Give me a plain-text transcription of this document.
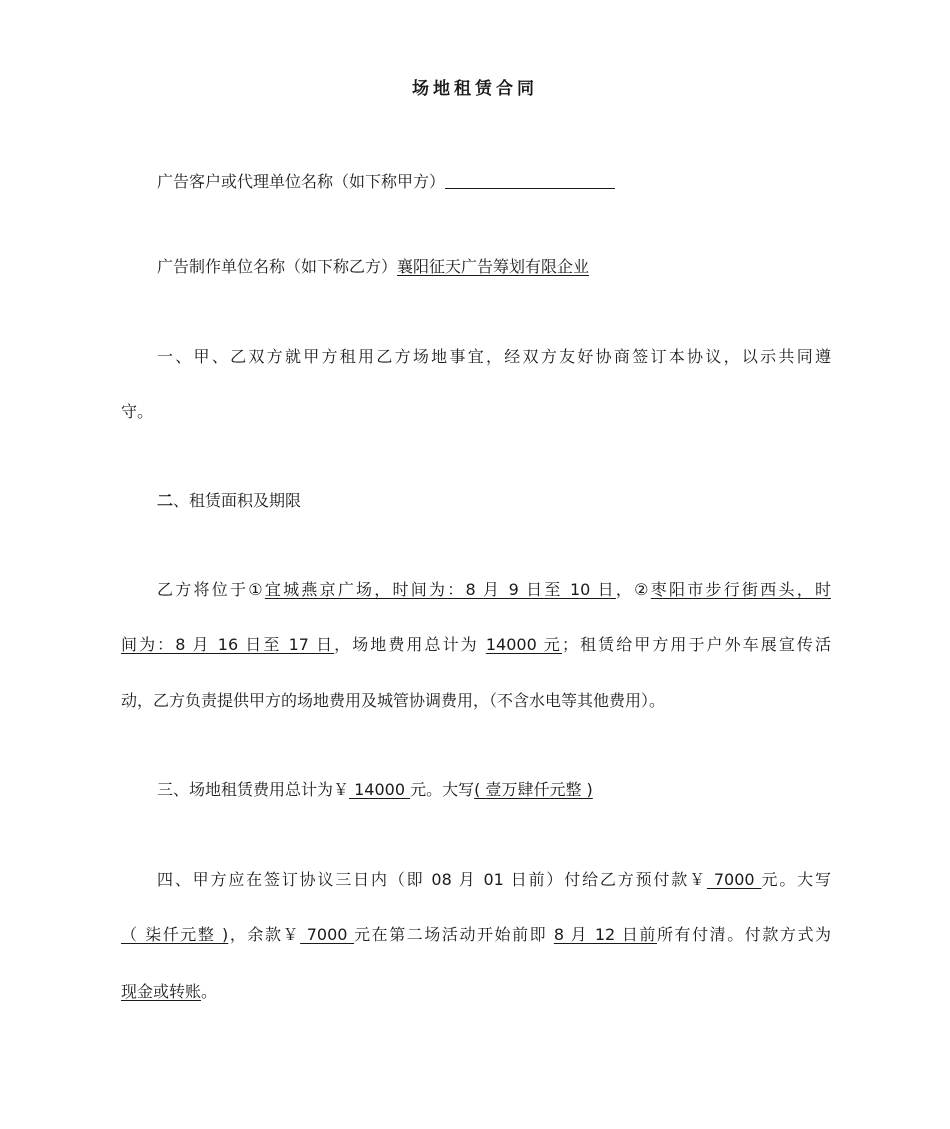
场地租赁合同
广告客户或代理单位名称（如下称甲方）
广告制作单位名称（如下称乙方）襄阳征天广告筹划有限企业
一、甲、乙双方就甲方租用乙方场地事宜，经双方友好协商签订本协议，以示共同遵
守。
二、租赁面积及期限
乙方将位于①宜城燕京广场，时间为：8 月 9 日至 10 日，②枣阳市步行街西头，时
间为：8 月 16 日至 17 日，场地费用总计为 14000 元；租赁给甲方用于户外车展宣传活
动，乙方负责提供甲方的场地费用及城管协调费用，（不含水电等其他费用）。
三、场地租赁费用总计为￥ 14000 元。大写( 壹万肆仟元整 )
四、甲方应在签订协议三日内（即 08 月 01 日前）付给乙方预付款￥ 7000 元。大写
（ 柒仟元整 )，余款￥ 7000 元在第二场活动开始前即 8 月 12 日前所有付清。付款方式为
现金或转账。
